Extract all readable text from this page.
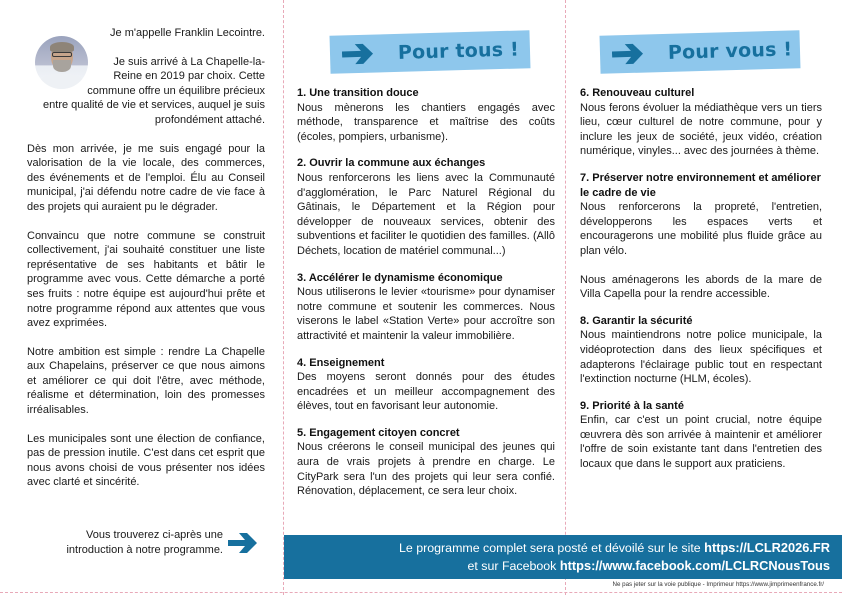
Je m'appelle Franklin Lecointre.

Je suis arrivé à La Chapelle-la-Reine en 2019 par choix. Cette commune offre un équilibre précieux entre qualité de vie et services, auquel je suis profondément attaché.

Dès mon arrivée, je me suis engagé pour la valorisation de la vie locale, des commerces, des événements et de l'emploi. Élu au Conseil municipal, j'ai défendu notre cadre de vie face à des projets qui auraient pu le dégrader.

Convaincu que notre commune se construit collectivement, j'ai souhaité constituer une liste représentative de ses habitants et bâtir le programme avec vous. Cette démarche a porté ses fruits : notre équipe est aujourd'hui prête et notre programme répond aux attentes que vous avez exprimées.

Notre ambition est simple : rendre La Chapelle aux Chapelains, préserver ce que nous aimons et améliorer ce qui doit l'être, avec méthode, réalisme et détermination, loin des promesses irréalisables.

Les municipales sont une élection de confiance, pas de pression inutile. C'est dans cet esprit que nous avons choisi de vous présenter nos idées avec clarté et sincérité.

Vous trouverez ci-après une introduction à notre programme.

Pour tous !
1. Une transition douce

Nous mènerons les chantiers engagés avec méthode, transparence et maîtrise des coûts (écoles, pompiers, urbanisme).

2. Ouvrir la commune aux échanges

Nous renforcerons les liens avec la Communauté d'agglomération, le Parc Naturel Régional du Gâtinais, le Département et la Région pour développer de nouveaux services, obtenir des subventions et faciliter le quotidien des familles. (Allô Déchets, location de matériel communal...)

3. Accélérer le dynamisme économique

Nous utiliserons le levier «tourisme» pour dynamiser notre commune et soutenir les commerces. Nous viserons le label «Station Verte» pour accroître son attractivité et maintenir la valeur immobilière.

4. Enseignement

Des moyens seront donnés pour des études encadrées et un meilleur accompagnement des élèves, tout en favorisant leur autonomie.

5. Engagement citoyen concret

Nous créerons le conseil municipal des jeunes qui aura de vrais projets à prendre en charge. Le CityPark sera l'un des projets qui leur sera confié. Rénovation, déplacement, ce sera leur choix.

Pour vous !
6. Renouveau culturel

Nous ferons évoluer la médiathèque vers un tiers lieu, cœur culturel de notre commune, pour y inclure les jeux de société, jeux vidéo, création numérique, vinyles... avec des journées à thème.

7. Préserver notre environnement et améliorer le cadre de vie

Nous renforcerons la propreté, l'entretien, développerons les espaces verts et encouragerons une mobilité plus fluide grâce au plan vélo.

Nous aménagerons les abords de la mare de Villa Capella pour la rendre accessible.

8. Garantir la sécurité

Nous maintiendrons notre police municipale, la vidéoprotection dans des lieux spécifiques et adapterons l'éclairage public tout en respectant l'extinction nocturne (HLM, écoles).

9. Priorité à la santé

Enfin, car c'est un point crucial, notre équipe œuvrera dès son arrivée à maintenir et améliorer l'offre de soin existante tant dans l'entretien des locaux que dans le support aux praticiens.

Le programme complet sera posté et dévoilé sur le site https://LCLR2026.FR
et sur Facebook https://www.facebook.com/LCLRCNousTous
Ne pas jeter sur la voie publique - Imprimeur https://www.jimprimeenfrance.fr/
